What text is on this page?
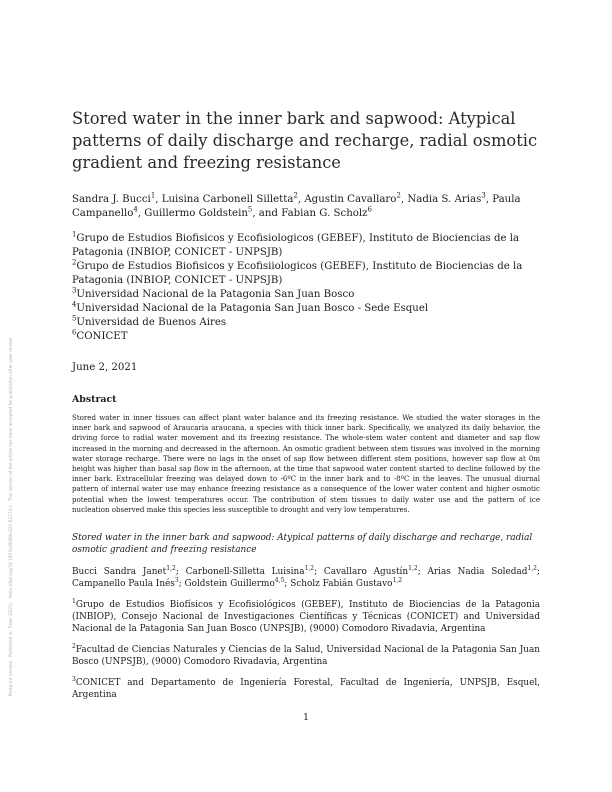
Postprint version · Published in: Trees (2021) · https://doi.org/10.1007/s00468-021-02174-z · This version of the article has been accepted for publication after peer review
Stored water in the inner bark and sapwood: Atypical patterns of daily discharge and recharge, radial osmotic gradient and freezing resistance
Sandra J. Bucci$^1$, Luisina Carbonell Silletta$^2$, Agustin Cavallaro$^2$, Nadia S. Arias$^3$, Paula Campanello$^4$, Guillermo Goldstein$^5$, and Fabian G. Scholz$^6$
$^1$Grupo de Estudios Biofisicos y Ecofisiologicos (GEBEF), Instituto de Biociencias de la Patagonia (INBIOP, CONICET - UNPSJB)
$^2$Grupo de Estudios Biofisicos y Ecofisiiologicos (GEBEF), Instituto de Biociencias de la Patagonia (INBIOP, CONICET - UNPSJB)
$^3$Universidad Nacional de la Patagonia San Juan Bosco
$^4$Universidad Nacional de la Patagonia San Juan Bosco - Sede Esquel
$^5$Universidad de Buenos Aires
$^6$CONICET
June 2, 2021
Abstract
Stored water in inner tissues can affect plant water balance and its freezing resistance. We studied the water storages in the inner bark and sapwood of Araucaria araucana, a species with thick inner bark. Specifically, we analyzed its daily behavior, the driving force to radial water movement and its freezing resistance. The whole-stem water content and diameter and sap flow increased in the morning and decreased in the afternoon. An osmotic gradient between stem tissues was involved in the morning water storage recharge. There were no lags in the onset of sap flow between different stem positions, however sap flow at 0m height was higher than basal sap flow in the afternoon, at the time that sapwood water content started to decline followed by the inner bark. Extracellular freezing was delayed down to -6ºC in the inner bark and to -8ºC in the leaves. The unusual diurnal pattern of internal water use may enhance freezing resistance as a consequence of the lower water content and higher osmotic potential when the lowest temperatures occur. The contribution of stem tissues to daily water use and the pattern of ice nucleation observed make this species less susceptible to drought and very low temperatures.
Stored water in the inner bark and sapwood: Atypical patterns of daily discharge and recharge, radial osmotic gradient and freezing resistance
Bucci Sandra Janet$^{1,2}$; Carbonell-Silletta Luisina$^{1,2}$; Cavallaro Agustín$^{1,2}$; Arias Nadia Soledad$^{1,2}$; Campanello Paula Inés$^3$; Goldstein Guillermo$^{4,5}$; Scholz Fabián Gustavo$^{1,2}$
$^1$Grupo de Estudios Biofísicos y Ecofisiológicos (GEBEF), Instituto de Biociencias de la Patagonia (INBIOP), Consejo Nacional de Investigaciones Científicas y Técnicas (CONICET) and Universidad Nacional de la Patagonia San Juan Bosco (UNPSJB), (9000) Comodoro Rivadavia, Argentina
$^2$Facultad de Ciencias Naturales y Ciencias de la Salud, Universidad Nacional de la Patagonia San Juan Bosco (UNPSJB), (9000) Comodoro Rivadavia, Argentina
$^3$CONICET and Departamento de Ingeniería Forestal, Facultad de Ingeniería, UNPSJB, Esquel, Argentina
1
